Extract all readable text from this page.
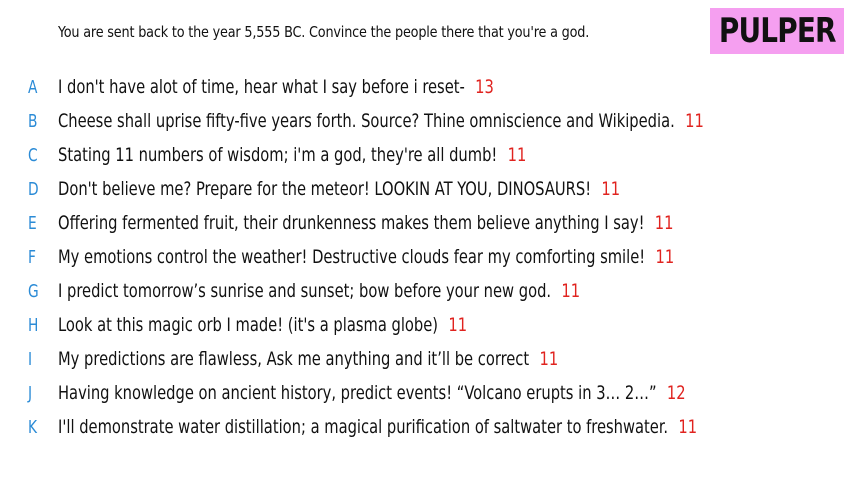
You are sent back to the year 5,555 BC. Convince the people there that you're a god.	PULPER
A	I don't have alot of time, hear what I say before i reset- 13
B	Cheese shall uprise fifty-five years forth. Source? Thine omniscience and Wikipedia. 11
C	Stating 11 numbers of wisdom; i'm a god, they're all dumb! 11
D	Don't believe me? Prepare for the meteor! LOOKIN AT YOU, DINOSAURS! 11
E	Offering fermented fruit, their drunkenness makes them believe anything I say! 11
F	My emotions control the weather! Destructive clouds fear my comforting smile! 11
G	I predict tomorrow’s sunrise and sunset; bow before your new god. 11
H	Look at this magic orb I made! (it's a plasma globe) 11
I	My predictions are flawless, Ask me anything and it’ll be correct 11
J	Having knowledge on ancient history, predict events! “Volcano erupts in 3… 2…” 12
K	I'll demonstrate water distillation; a magical purification of saltwater to freshwater. 11
